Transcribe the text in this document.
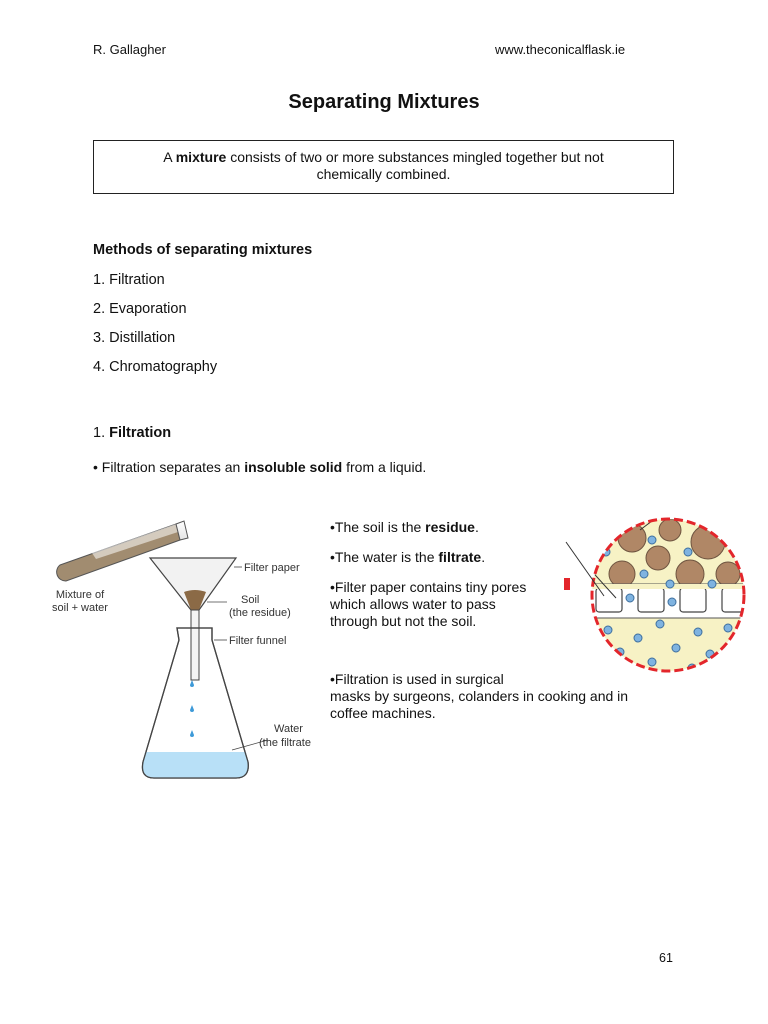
R. Gallagher	www.theconicalflask.ie
Separating Mixtures
A mixture consists of two or more substances mingled together but not
chemically combined.
Methods of separating mixtures
1. Filtration
2. Evaporation
3. Distillation
4. Chromatography
1. Filtration
• Filtration separates an insoluble solid from a liquid.
Mixture of
soil + water
Filter paper
Soil
(the residue)
Filter funnel
Water
(the filtrate
•The soil is the residue.
•The water is the filtrate.
•Filter paper contains tiny pores
which allows water to pass
through but not the soil.
•Filtration is used in surgical
masks by surgeons, colanders in cooking and in
coffee machines.
61
